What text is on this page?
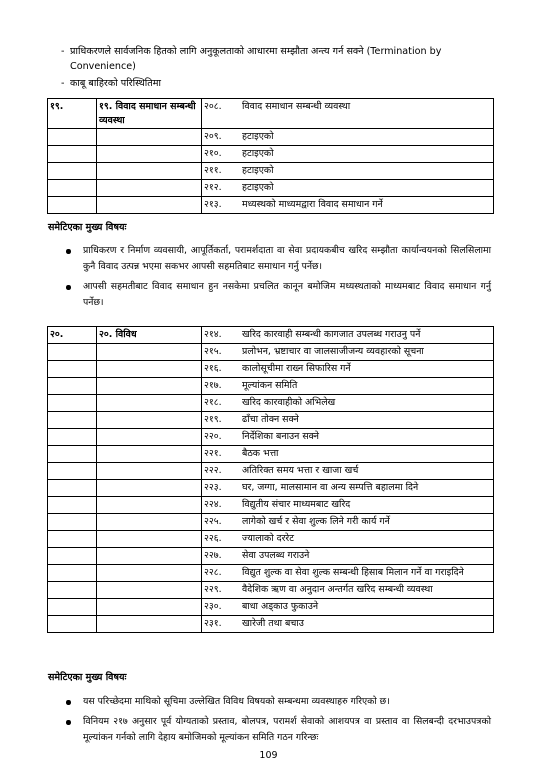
- प्राधिकरणले सार्वजनिक हितको लागि अनुकूलताको आधारमा सम्झौता अन्त्य गर्न सक्ने (Termination by Convenience)
- काबू बाहिरको परिस्थितिमा
१९.	१९. विवाद समाधान सम्बन्धी व्यवस्था	२०८. विवाद समाधान सम्बन्धी व्यवस्था
		२०९. हटाइएको
		२१०. हटाइएको
		२११. हटाइएको
		२१२. हटाइएको
		२१३. मध्यस्थको माध्यमद्वारा विवाद समाधान गर्ने
समेटिएका मुख्य विषयः
प्राधिकरण र निर्माण व्यवसायी, आपूर्तिकर्ता, परामर्शदाता वा सेवा प्रदायकबीच खरिद सम्झौता कार्यान्वयनको सिलसिलामा कुनै विवाद उत्पन्न भएमा सकभर आपसी सहमतिबाट समाधान गर्नु पर्नेछ।
आपसी सहमतीबाट विवाद समाधान हुन नसकेमा प्रचलित कानून बमोजिम मध्यस्थताको माध्यमबाट विवाद समाधान गर्नु पर्नेछ।
२०.	२०. विविध	२१४. खरिद कारवाही सम्बन्धी कागजात उपलब्ध गराउनु पर्ने
		२१५. प्रलोभन, भ्रष्टाचार वा जालसाजीजन्य व्यवहारको सूचना
		२१६. कालोसूचीमा राख्न सिफारिस गर्ने
		२१७. मूल्यांकन समिति
		२१८. खरिद कारवाहीको अभिलेख
		२१९. ढाँचा तोक्न सक्ने
		२२०. निर्देशिका बनाउन सक्ने
		२२१. बैठक भत्ता
		२२२. अतिरिक्त समय भत्ता र खाजा खर्च
		२२३. घर, जग्गा, मालसामान वा अन्य सम्पत्ति बहालमा दिने
		२२४. विद्युतीय संचार माध्यमबाट खरिद
		२२५. लागेको खर्च र सेवा शुल्क लिने गरी कार्य गर्ने
		२२६. ज्यालाको दररेट
		२२७. सेवा उपलब्ध गराउने

		२२८. विद्युत शुल्क वा सेवा शुल्क सम्बन्धी हिसाब मिलान गर्ने वा गराइदिने

		२२९. वैदेशिक ऋण वा अनुदान अन्तर्गत खरिद सम्बन्धी व्यवस्था
		२३०. बाधा अड्काउ फुकाउने
		२३१. खारेजी तथा बचाउ
समेटिएका मुख्य विषयः
यस परिच्छेदमा माथिको सूचिमा उल्लेखित विविध विषयको सम्बन्धमा व्यवस्थाहरु गरिएको छ।
विनियम २१७ अनुसार पूर्व योग्यताको प्रस्ताव, बोलपत्र, परामर्श सेवाको आशयपत्र वा प्रस्ताव वा सिलबन्दी दरभाउपत्रको मूल्यांकन गर्नको लागि देहाय बमोजिमको मूल्यांकन समिति गठन गरिन्छः
109
